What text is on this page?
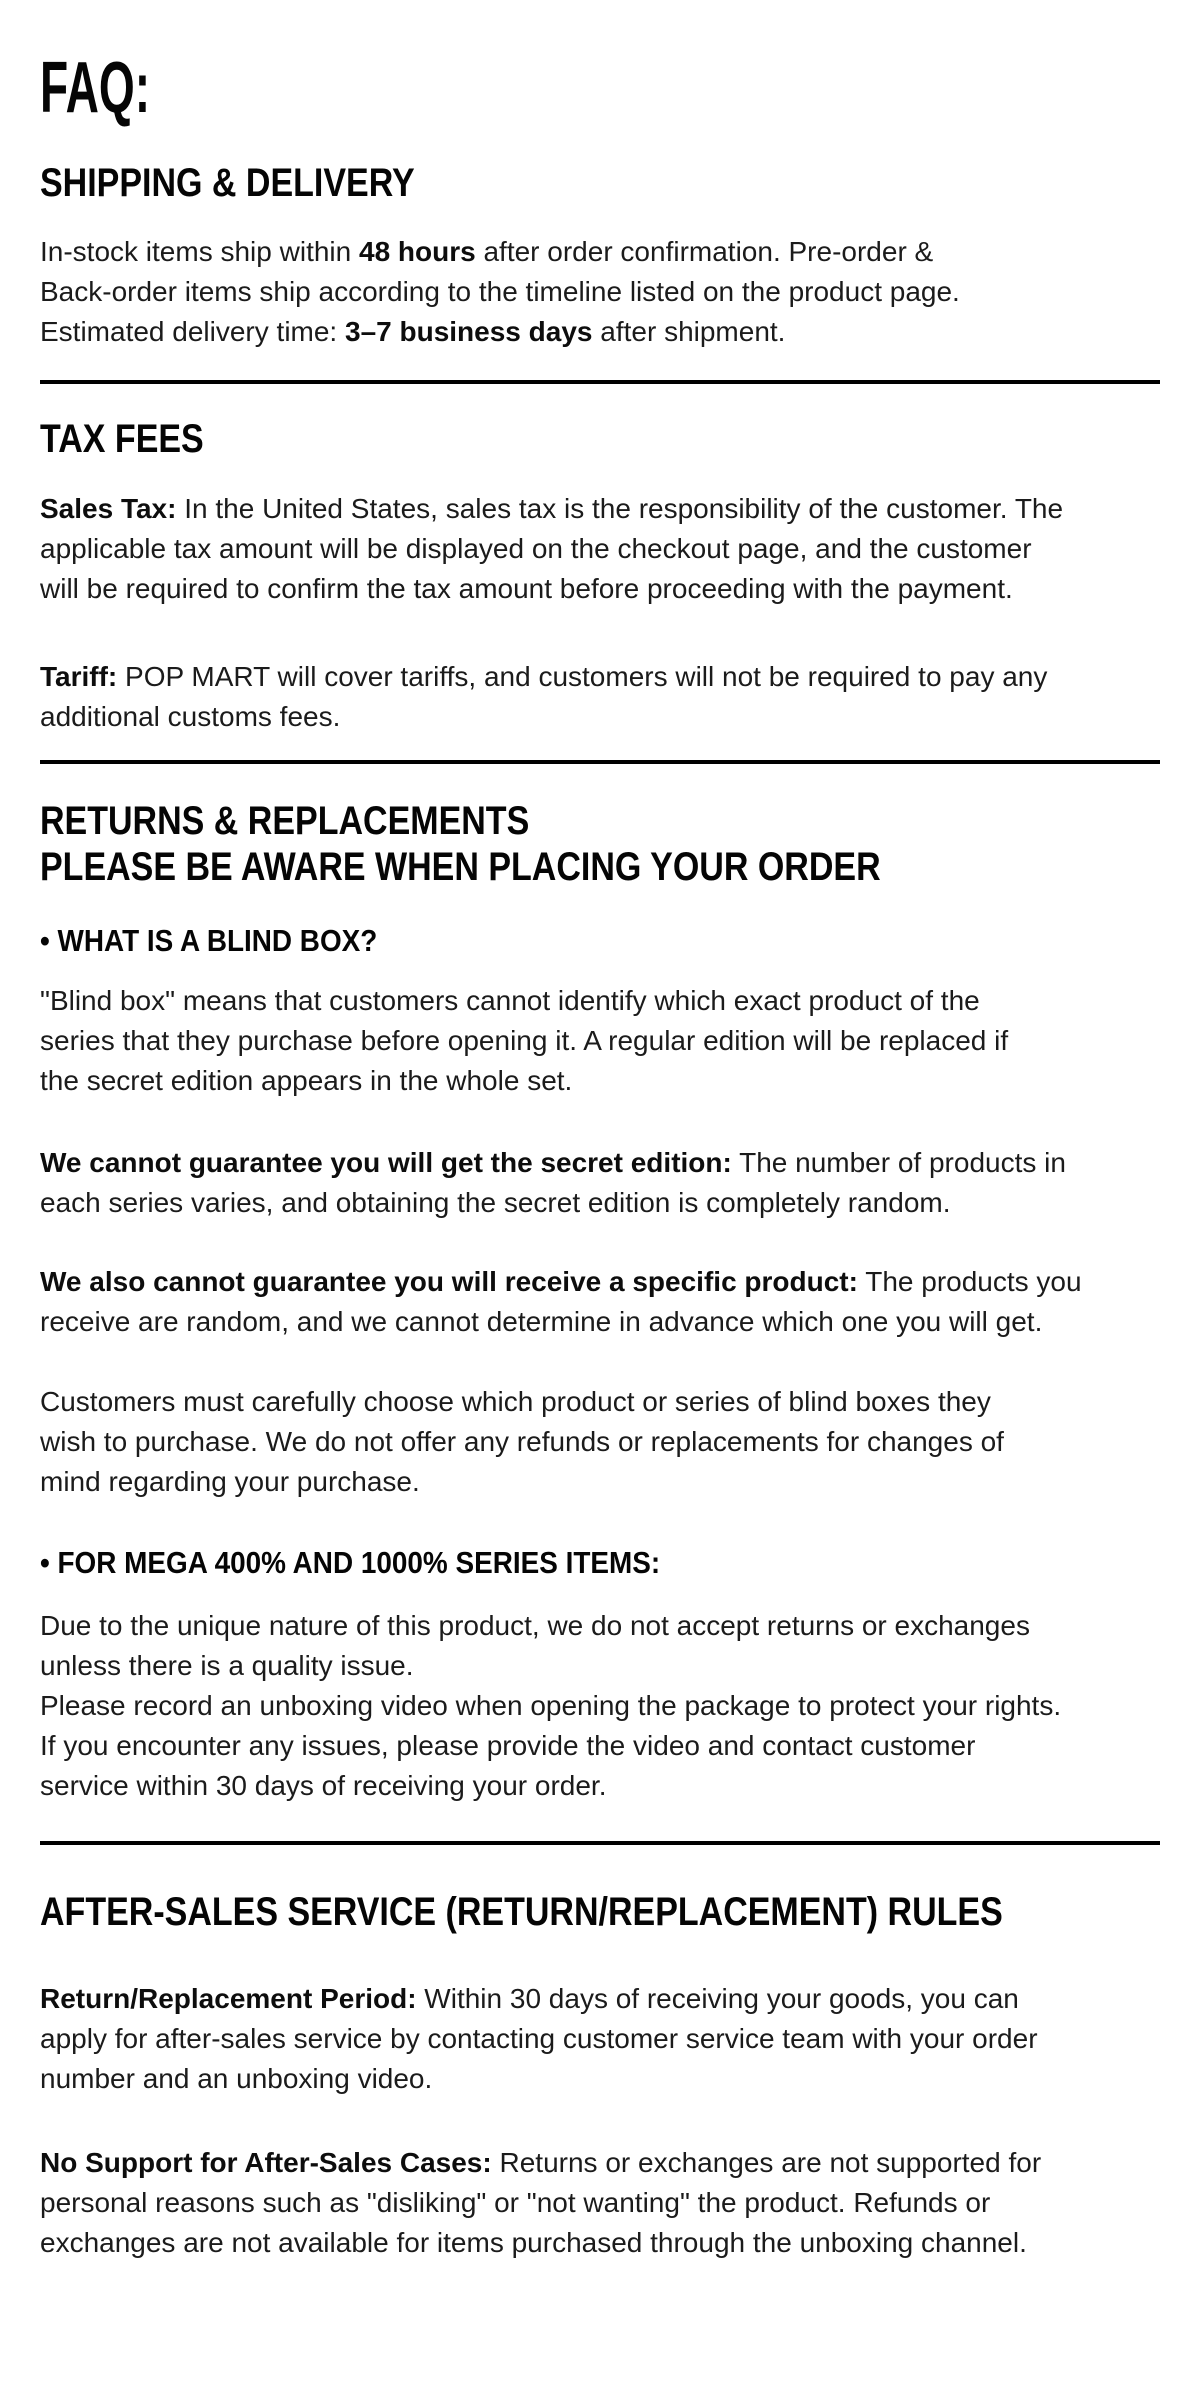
FAQ:
SHIPPING & DELIVERY
In-stock items ship within 48 hours after order confirmation. Pre-order &
Back-order items ship according to the timeline listed on the product page.
Estimated delivery time: 3–7 business days after shipment.
TAX FEES
Sales Tax: In the United States, sales tax is the responsibility of the customer. The
applicable tax amount will be displayed on the checkout page, and the customer
will be required to confirm the tax amount before proceeding with the payment.
Tariff: POP MART will cover tariffs, and customers will not be required to pay any
additional customs fees.
RETURNS & REPLACEMENTS
PLEASE BE AWARE WHEN PLACING YOUR ORDER
• WHAT IS A BLIND BOX?
"Blind box" means that customers cannot identify which exact product of the
series that they purchase before opening it. A regular edition will be replaced if
the secret edition appears in the whole set.
We cannot guarantee you will get the secret edition: The number of products in
each series varies, and obtaining the secret edition is completely random.
We also cannot guarantee you will receive a specific product: The products you
receive are random, and we cannot determine in advance which one you will get.
Customers must carefully choose which product or series of blind boxes they
wish to purchase. We do not offer any refunds or replacements for changes of
mind regarding your purchase.
• FOR MEGA 400% AND 1000% SERIES ITEMS:
Due to the unique nature of this product, we do not accept returns or exchanges
unless there is a quality issue.
Please record an unboxing video when opening the package to protect your rights.
If you encounter any issues, please provide the video and contact customer
service within 30 days of receiving your order.
AFTER-SALES SERVICE (RETURN/REPLACEMENT) RULES
Return/Replacement Period: Within 30 days of receiving your goods, you can
apply for after-sales service by contacting customer service team with your order
number and an unboxing video.
No Support for After-Sales Cases: Returns or exchanges are not supported for
personal reasons such as "disliking" or "not wanting" the product. Refunds or
exchanges are not available for items purchased through the unboxing channel.
